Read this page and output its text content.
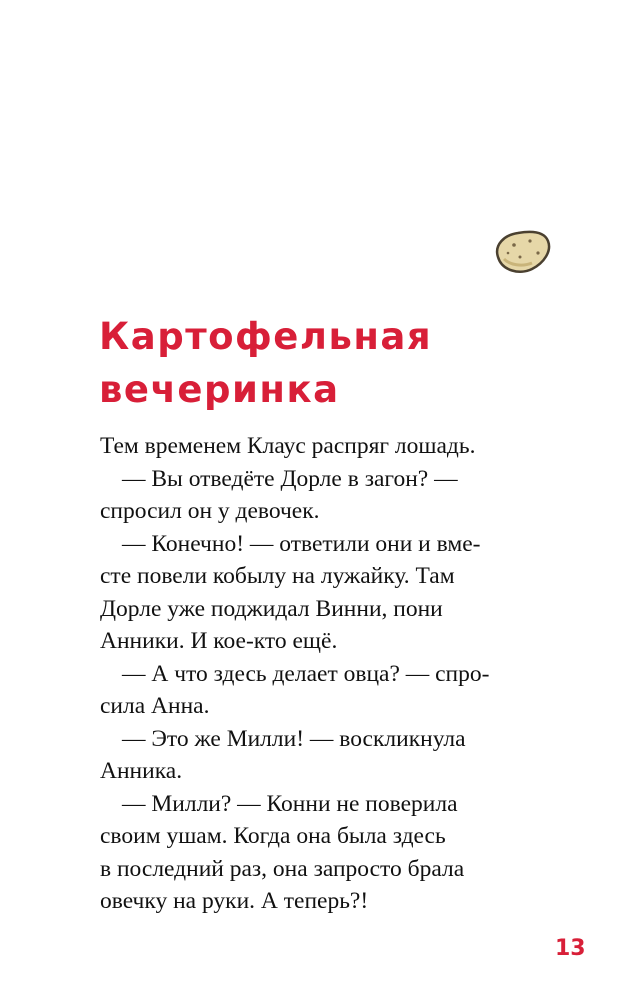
Картофельная
вечеринка
Тем временем Клаус распряг лошадь.
— Вы отведёте Дорле в загон? —
спросил он у девочек.
— Конечно! — ответили они и вме-
сте повели кобылу на лужайку. Там
Дорле уже поджидал Винни, пони
Анники. И кое-кто ещё.
— А что здесь делает овца? — спро-
сила Анна.
— Это же Милли! — воскликнула
Анника.
— Милли? — Конни не поверила
своим ушам. Когда она была здесь
в последний раз, она запросто брала
овечку на руки. А теперь?!
13
